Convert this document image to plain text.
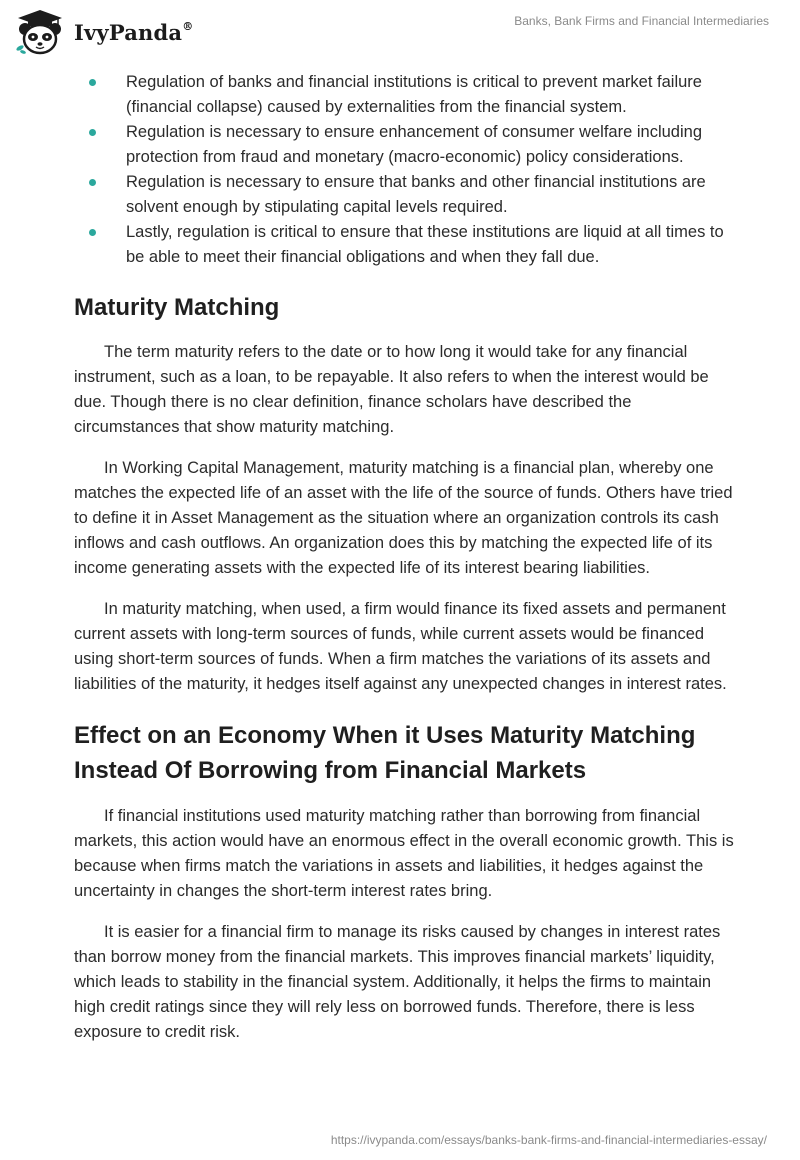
IvyPanda®	Banks, Bank Firms and Financial Intermediaries
Regulation of banks and financial institutions is critical to prevent market failure (financial collapse) caused by externalities from the financial system.
Regulation is necessary to ensure enhancement of consumer welfare including protection from fraud and monetary (macro-economic) policy considerations.
Regulation is necessary to ensure that banks and other financial institutions are solvent enough by stipulating capital levels required.
Lastly, regulation is critical to ensure that these institutions are liquid at all times to be able to meet their financial obligations and when they fall due.
Maturity Matching

The term maturity refers to the date or to how long it would take for any financial instrument, such as a loan, to be repayable. It also refers to when the interest would be due. Though there is no clear definition, finance scholars have described the circumstances that show maturity matching.

In Working Capital Management, maturity matching is a financial plan, whereby one matches the expected life of an asset with the life of the source of funds. Others have tried to define it in Asset Management as the situation where an organization controls its cash inflows and cash outflows. An organization does this by matching the expected life of its income generating assets with the expected life of its interest bearing liabilities.

In maturity matching, when used, a firm would finance its fixed assets and permanent current assets with long-term sources of funds, while current assets would be financed using short-term sources of funds. When a firm matches the variations of its assets and liabilities of the maturity, it hedges itself against any unexpected changes in interest rates.

Effect on an Economy When it Uses Maturity Matching Instead Of Borrowing from Financial Markets

If financial institutions used maturity matching rather than borrowing from financial markets, this action would have an enormous effect in the overall economic growth. This is because when firms match the variations in assets and liabilities, it hedges against the uncertainty in changes the short-term interest rates bring.

It is easier for a financial firm to manage its risks caused by changes in interest rates than borrow money from the financial markets. This improves financial markets’ liquidity, which leads to stability in the financial system. Additionally, it helps the firms to maintain high credit ratings since they will rely less on borrowed funds. Therefore, there is less exposure to credit risk.

https://ivypanda.com/essays/banks-bank-firms-and-financial-intermediaries-essay/
